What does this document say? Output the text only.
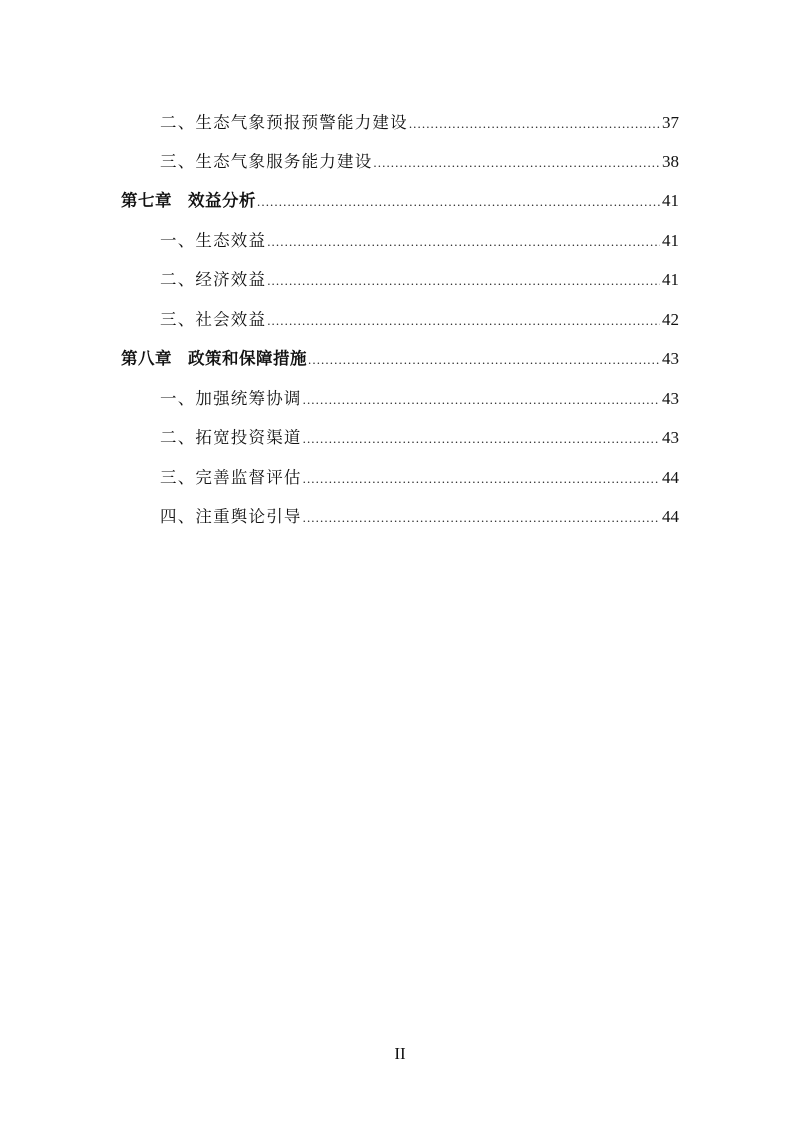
二、生态气象预报预警能力建设 .....	37
三、生态气象服务能力建设 .....	38
第七章 效益分析 .....	41
一、生态效益 .....	41
二、经济效益 .....	41
三、社会效益 .....	42
第八章 政策和保障措施 .....	43
一、加强统筹协调 .....	43
二、拓宽投资渠道 .....	43
三、完善监督评估 .....	44
四、注重舆论引导 .....	44
II
